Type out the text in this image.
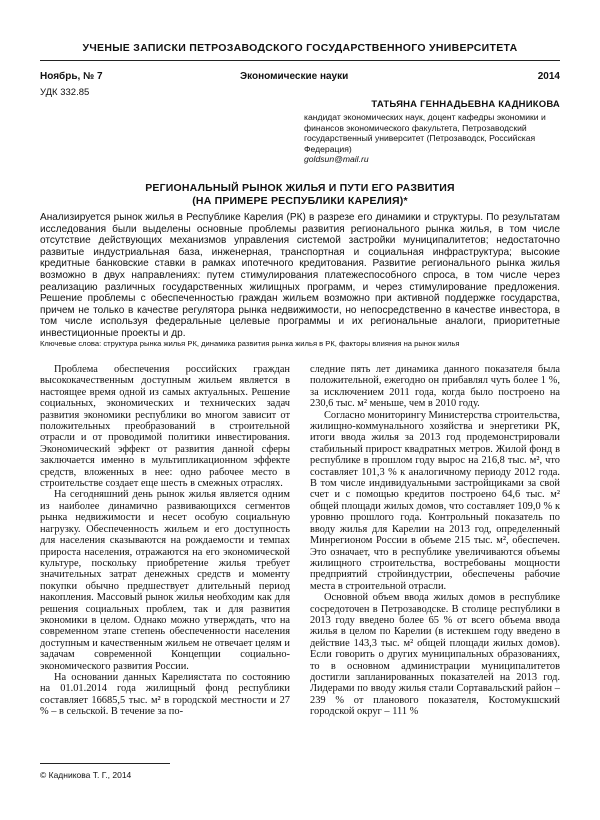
УЧЕНЫЕ ЗАПИСКИ ПЕТРОЗАВОДСКОГО ГОСУДАРСТВЕННОГО УНИВЕРСИТЕТА
Ноябрь, № 7	Экономические науки	2014
УДК 332.85
ТАТЬЯНА ГЕННАДЬЕВНА КАДНИКОВА
кандидат экономических наук, доцент кафедры экономики и финансов экономического факультета, Петрозаводский государственный университет (Петрозаводск, Российская Федерация)
goldsun@mail.ru
РЕГИОНАЛЬНЫЙ РЫНОК ЖИЛЬЯ И ПУТИ ЕГО РАЗВИТИЯ
(НА ПРИМЕРЕ РЕСПУБЛИКИ КАРЕЛИЯ)*
Анализируется рынок жилья в Республике Карелия (РК) в разрезе его динамики и структуры. По результатам исследования были выделены основные проблемы развития регионального рынка жилья, в том числе отсутствие действующих механизмов управления системой застройки муниципалитетов; недостаточно развитые индустриальная база, инженерная, транспортная и социальная инфраструктура; высокие кредитные банковские ставки в рамках ипотечного кредитования. Развитие регионального рынка жилья возможно в двух направлениях: путем стимулирования платежеспособного спроса, в том числе через реализацию различных государственных жилищных программ, и через стимулирование предложения. Решение проблемы с обеспеченностью граждан жильем возможно при активной поддержке государства, причем не только в качестве регулятора рынка недвижимости, но непосредственно в качестве инвестора, в том числе используя федеральные целевые программы и их региональные аналоги, приоритетные инвестиционные проекты и др.
Ключевые слова: структура рынка жилья РК, динамика развития рынка жилья в РК, факторы влияния на рынок жилья

Проблема обеспечения российских граждан высококачественным доступным жильем является в настоящее время одной из самых актуальных. Решение социальных, экономических и технических задач развития экономики республики во многом зависит от положительных преобразований в строительной отрасли и от проводимой политики инвестирования. Экономический эффект от развития данной сферы заключается именно в мультипликационном эффекте средств, вложенных в нее: одно рабочее место в строительстве создает еще шесть в смежных отраслях.

На сегодняшний день рынок жилья является одним из наиболее динамично развивающихся сегментов рынка недвижимости и несет особую социальную нагрузку. Обеспеченность жильем и его доступность для населения сказываются на рождаемости и темпах прироста населения, отражаются на его экономической культуре, поскольку приобретение жилья требует значительных затрат денежных средств и моменту покупки обычно предшествует длительный период накопления. Массовый рынок жилья необходим как для решения социальных проблем, так и для развития экономики в целом. Однако можно утверждать, что на современном этапе степень обеспеченности населения доступным и качественным жильем не отвечает целям и задачам современной Концепции социально-экономического развития России.

На основании данных Карелиястата по состоянию на 01.01.2014 года жилищный фонд республики составляет 16685,5 тыс. м² в городской местности и 27 % – в сельской. В течение за по-

следние пять лет динамика данного показателя была положительной, ежегодно он прибавлял чуть более 1 %, за исключением 2011 года, когда было построено на 230,6 тыс. м² меньше, чем в 2010 году.

Согласно мониторингу Министерства строительства, жилищно-коммунального хозяйства и энергетики РК, итоги ввода жилья за 2013 год продемонстрировали стабильный прирост квадратных метров. Жилой фонд в республике в прошлом году вырос на 216,8 тыс. м², что составляет 101,3 % к аналогичному периоду 2012 года. В том числе индивидуальными застройщиками за свой счет и с помощью кредитов построено 64,6 тыс. м² общей площади жилых домов, что составляет 109,0 % к уровню прошлого года. Контрольный показатель по вводу жилья для Карелии на 2013 год, определенный Минрегионом России в объеме 215 тыс. м², обеспечен. Это означает, что в республике увеличиваются объемы жилищного строительства, востребованы мощности предприятий стройиндустрии, обеспечены рабочие места в строительной отрасли.

Основной объем ввода жилых домов в республике сосредоточен в Петрозаводске. В столице республики в 2013 году введено более 65 % от всего объема ввода жилья в целом по Карелии (в истекшем году введено в действие 143,3 тыс. м² общей площади жилых домов). Если говорить о других муниципальных образованиях, то в основном администрации муниципалитетов достигли запланированных показателей на 2013 год. Лидерами по вводу жилья стали Сортавальский район – 239 % от планового показателя, Костомукшский городской округ – 111 %

© Кадникова Т. Г., 2014
